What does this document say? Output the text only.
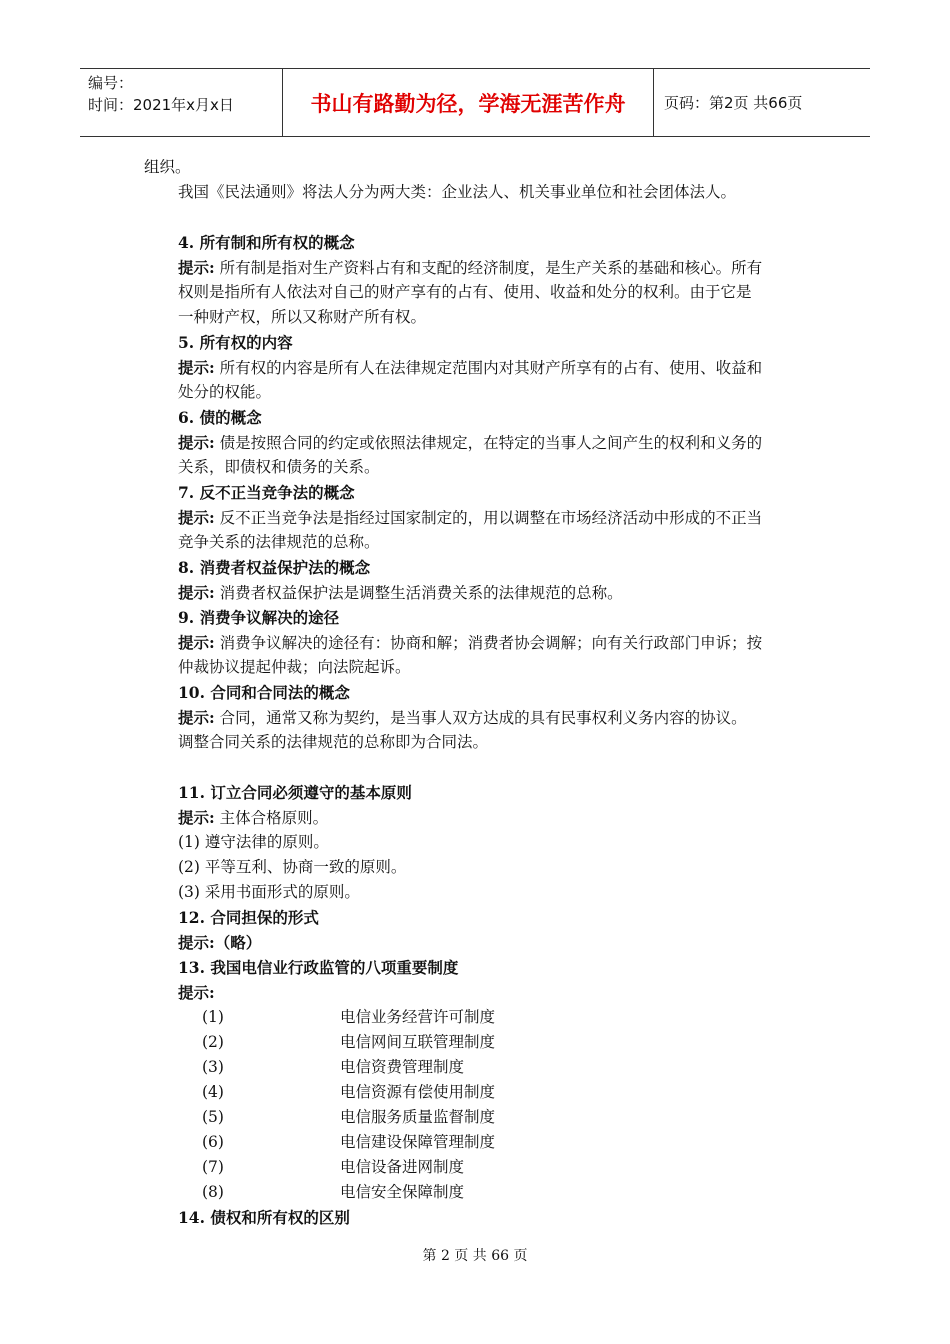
编号：
时间：2021年x月x日	书山有路勤为径，学海无涯苦作舟	页码：第2页 共66页
组织。
我国《民法通则》将法人分为两大类：企业法人、机关事业单位和社会团体法人。
4. 所有制和所有权的概念
提示: 所有制是指对生产资料占有和支配的经济制度，是生产关系的基础和核心。所有
权则是指所有人依法对自己的财产享有的占有、使用、收益和处分的权利。由于它是
一种财产权，所以又称财产所有权。
5. 所有权的内容
提示: 所有权的内容是所有人在法律规定范围内对其财产所享有的占有、使用、收益和
处分的权能。
6. 债的概念
提示: 债是按照合同的约定或依照法律规定，在特定的当事人之间产生的权利和义务的
关系，即债权和债务的关系。
7. 反不正当竞争法的概念
提示: 反不正当竞争法是指经过国家制定的，用以调整在市场经济活动中形成的不正当
竞争关系的法律规范的总称。
8. 消费者权益保护法的概念
提示: 消费者权益保护法是调整生活消费关系的法律规范的总称。
9. 消费争议解决的途径
提示: 消费争议解决的途径有：协商和解；消费者协会调解；向有关行政部门申诉；按
仲裁协议提起仲裁；向法院起诉。
10. 合同和合同法的概念
提示: 合同，通常又称为契约，是当事人双方达成的具有民事权利义务内容的协议。
调整合同关系的法律规范的总称即为合同法。
11. 订立合同必须遵守的基本原则
提示: 主体合格原则。
(1) 遵守法律的原则。
(2) 平等互利、协商一致的原则。
(3) 采用书面形式的原则。
12. 合同担保的形式
提示:（略）
13. 我国电信业行政监管的八项重要制度
提示:
(1)	电信业务经营许可制度
(2)	电信网间互联管理制度
(3)	电信资费管理制度
(4)	电信资源有偿使用制度
(5)	电信服务质量监督制度
(6)	电信建设保障管理制度
(7)	电信设备进网制度
(8)	电信安全保障制度
14. 债权和所有权的区别
第 2 页 共 66 页
